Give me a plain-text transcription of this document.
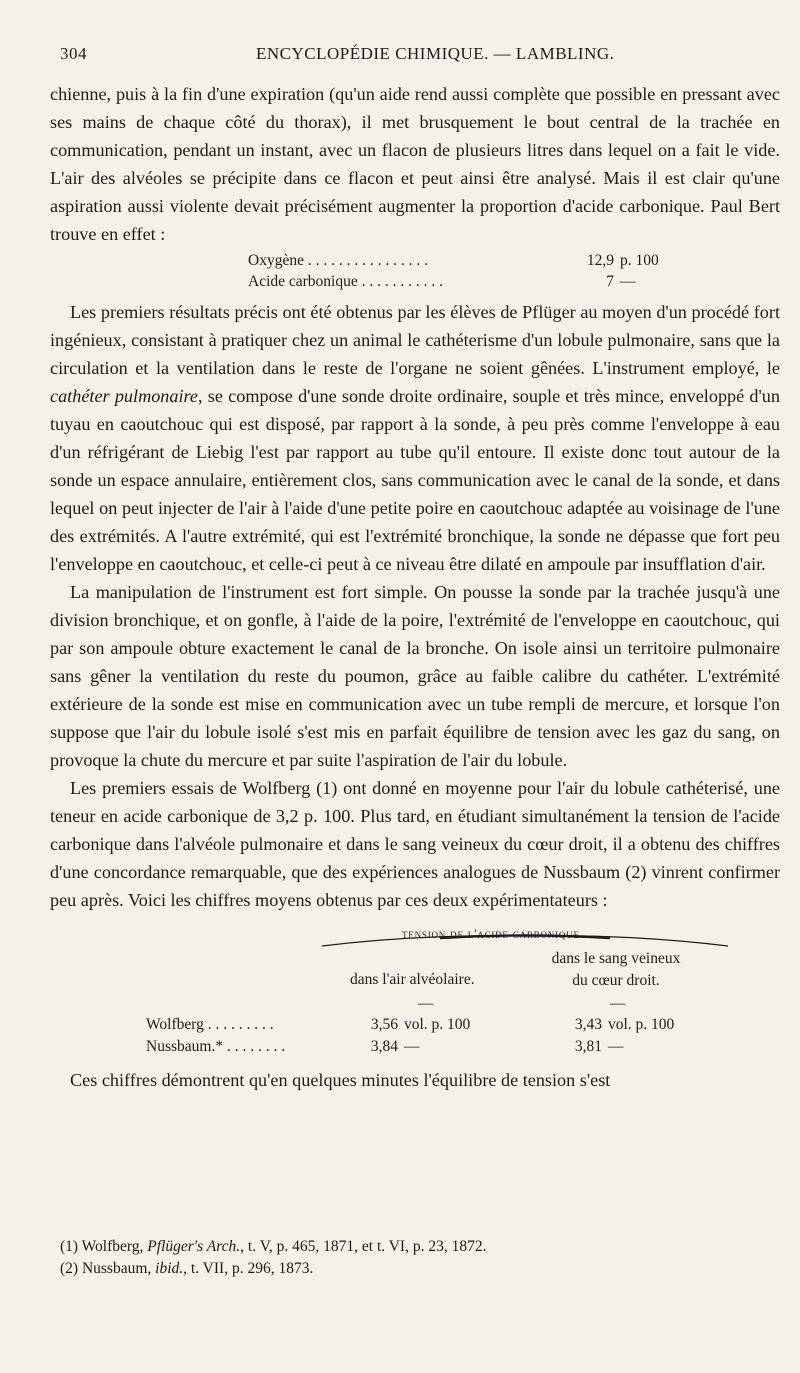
304	ENCYCLOPÉDIE CHIMIQUE. — LAMBLING.

chienne, puis à la fin d'une expiration (qu'un aide rend aussi complète que possible en pressant avec ses mains de chaque côté du thorax), il met brusquement le bout central de la trachée en communication, pendant un instant, avec un flacon de plusieurs litres dans lequel on a fait le vide. L'air des alvéoles se précipite dans ce flacon et peut ainsi être analysé. Mais il est clair qu'une aspiration aussi violente devait précisément augmenter la proportion d'acide carbonique. Paul Bert trouve en effet :

Oxygène . . . . . . . . . . . . . . . .	12,9 p. 100
Acide carbonique . . . . . . . . . . .	7 —

Les premiers résultats précis ont été obtenus par les élèves de Pflüger au moyen d'un procédé fort ingénieux, consistant à pratiquer chez un animal le cathéterisme d'un lobule pulmonaire, sans que la circulation et la ventilation dans le reste de l'organe ne soient gênées. L'instrument employé, le cathéter pulmonaire, se compose d'une sonde droite ordinaire, souple et très mince, enveloppé d'un tuyau en caoutchouc qui est disposé, par rapport à la sonde, à peu près comme l'enveloppe à eau d'un réfrigérant de Liebig l'est par rapport au tube qu'il entoure. Il existe donc tout autour de la sonde un espace annulaire, entièrement clos, sans communication avec le canal de la sonde, et dans lequel on peut injecter de l'air à l'aide d'une petite poire en caoutchouc adaptée au voisinage de l'une des extrémités. A l'autre extrémité, qui est l'extrémité bronchique, la sonde ne dépasse que fort peu l'enveloppe en caoutchouc, et celle-ci peut à ce niveau être dilaté en ampoule par insufflation d'air.

La manipulation de l'instrument est fort simple. On pousse la sonde par la trachée jusqu'à une division bronchique, et on gonfle, à l'aide de la poire, l'extrémité de l'enveloppe en caoutchouc, qui par son ampoule obture exactement le canal de la bronche. On isole ainsi un territoire pulmonaire sans gêner la ventilation du reste du poumon, grâce au faible calibre du cathéter. L'extrémité extérieure de la sonde est mise en communication avec un tube rempli de mercure, et lorsque l'on suppose que l'air du lobule isolé s'est mis en parfait équilibre de tension avec les gaz du sang, on provoque la chute du mercure et par suite l'aspiration de l'air du lobule.

Les premiers essais de Wolfberg (1) ont donné en moyenne pour l'air du lobule cathéterisé, une teneur en acide carbonique de 3,2 p. 100. Plus tard, en étudiant simultanément la tension de l'acide carbonique dans l'alvéole pulmonaire et dans le sang veineux du cœur droit, il a obtenu des chiffres d'une concordance remarquable, que des expériences analogues de Nussbaum (2) vinrent confirmer peu après. Voici les chiffres moyens obtenus par ces deux expérimentateurs :

tension de l'acide carbonique
dans l'air alvéolaire.
dans le sang veineux
du cœur droit.
—	—
Wolfberg . . . . . . . . .	3,56 vol. p. 100	3,43 vol. p. 100
Nussbaum.* . . . . . . . .	3,84 —	3,81 —

Ces chiffres démontrent qu'en quelques minutes l'équilibre de tension s'est

(1) Wolfberg, Pflüger's Arch., t. V, p. 465, 1871, et t. VI, p. 23, 1872.
(2) Nussbaum, ibid., t. VII, p. 296, 1873.
